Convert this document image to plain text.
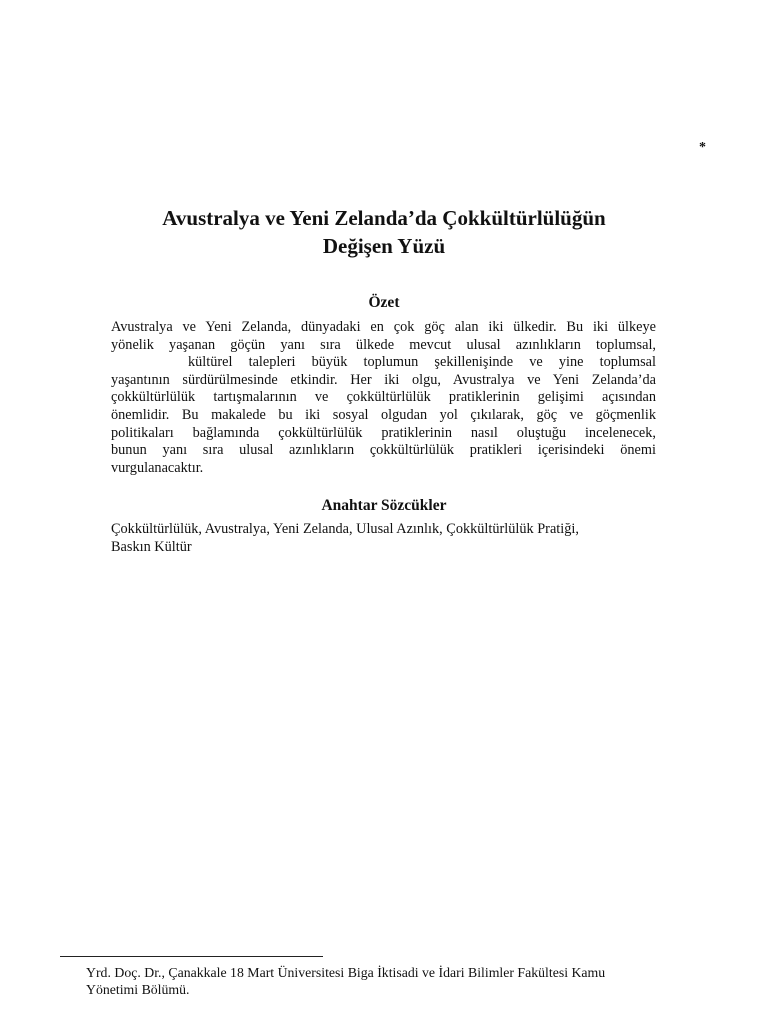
*
Avustralya ve Yeni Zelanda’da Çokkültürlülüğün
Değişen Yüzü
Özet
Avustralya ve Yeni Zelanda, dünyadaki en çok göç alan iki ülkedir. Bu iki ülkeye
yönelik yaşanan göçün yanı sıra ülkede mevcut ulusal azınlıkların toplumsal,
kültürel talepleri büyük toplumun şekillenişinde ve yine toplumsal
yaşantının sürdürülmesinde etkindir. Her iki olgu, Avustralya ve Yeni Zelanda’da
çokkültürlülük tartışmalarının ve çokkültürlülük pratiklerinin gelişimi açısından
önemlidir. Bu makalede bu iki sosyal olgudan yol çıkılarak, göç ve göçmenlik
politikaları bağlamında çokkültürlülük pratiklerinin nasıl oluştuğu incelenecek,
bunun yanı sıra ulusal azınlıkların çokkültürlülük pratikleri içerisindeki önemi
vurgulanacaktır.
Anahtar Sözcükler
Çokkültürlülük, Avustralya, Yeni Zelanda, Ulusal Azınlık, Çokkültürlülük Pratiği,
Baskın Kültür
Yrd. Doç. Dr., Çanakkale 18 Mart Üniversitesi Biga İktisadi ve İdari Bilimler Fakültesi Kamu
Yönetimi Bölümü.
